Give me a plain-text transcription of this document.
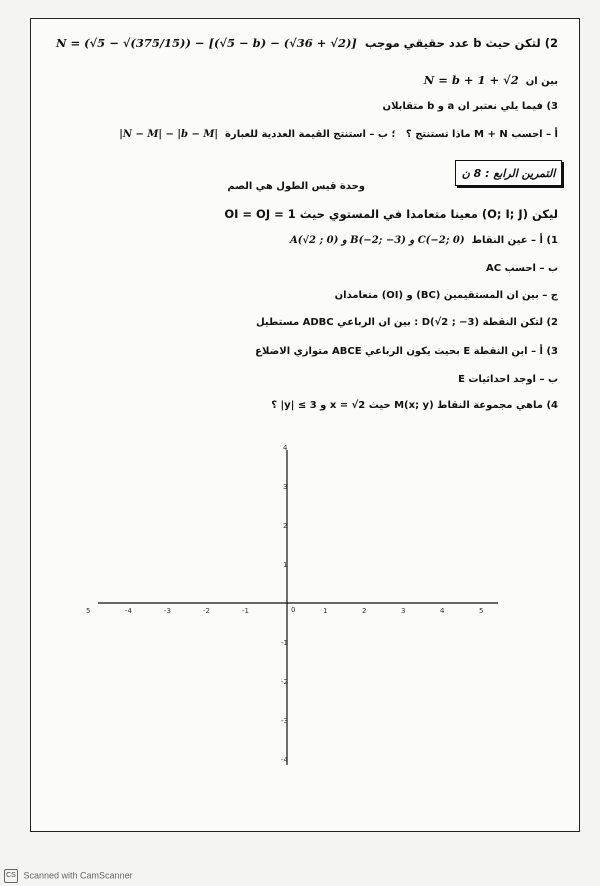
2) لتكن حيث b عدد حقيقي موجب  N = (√5 − √(375/15)) − [(√5 − b) − (√36 + √2)]
بين ان  N = b + 1 + √2
3) فيما يلي نعتبر ان a و b متقابلان
أ – احسب M + N ماذا تستنتج ؟   ؛ ب – استنتج القيمة العددية للعبارة  |N − M| − |b − M|
التمرين الرابع : 8 ن
وحدة قيس الطول هي الصم
ليكن (O; I; J) معينا متعامدا في المستوي حيث OI = OJ = 1
1) أ – عين النقاط  A(√2 ; 0) و B(−2; −3) و C(−2; 0)
ب – احسب AC
ج – بين ان المستقيمين (BC) و (OI) متعامدان
2) لتكن النقطة D(√2 ; −3) : بين ان الرباعي ADBC مستطيل
3) أ – ابن النقطة E بحيث يكون الرباعي ABCE متوازي الاضلاع
ب – اوجد احداثيات E
4) ماهي مجموعة النقاط M(x; y) حيث x = √2 و 3 ≥ |y| ؟
1	2	3	4	5
-1
-2
-3
-4
5
1
2
3
4
-1
-2
-3
-4
0
CS Scanned with CamScanner
